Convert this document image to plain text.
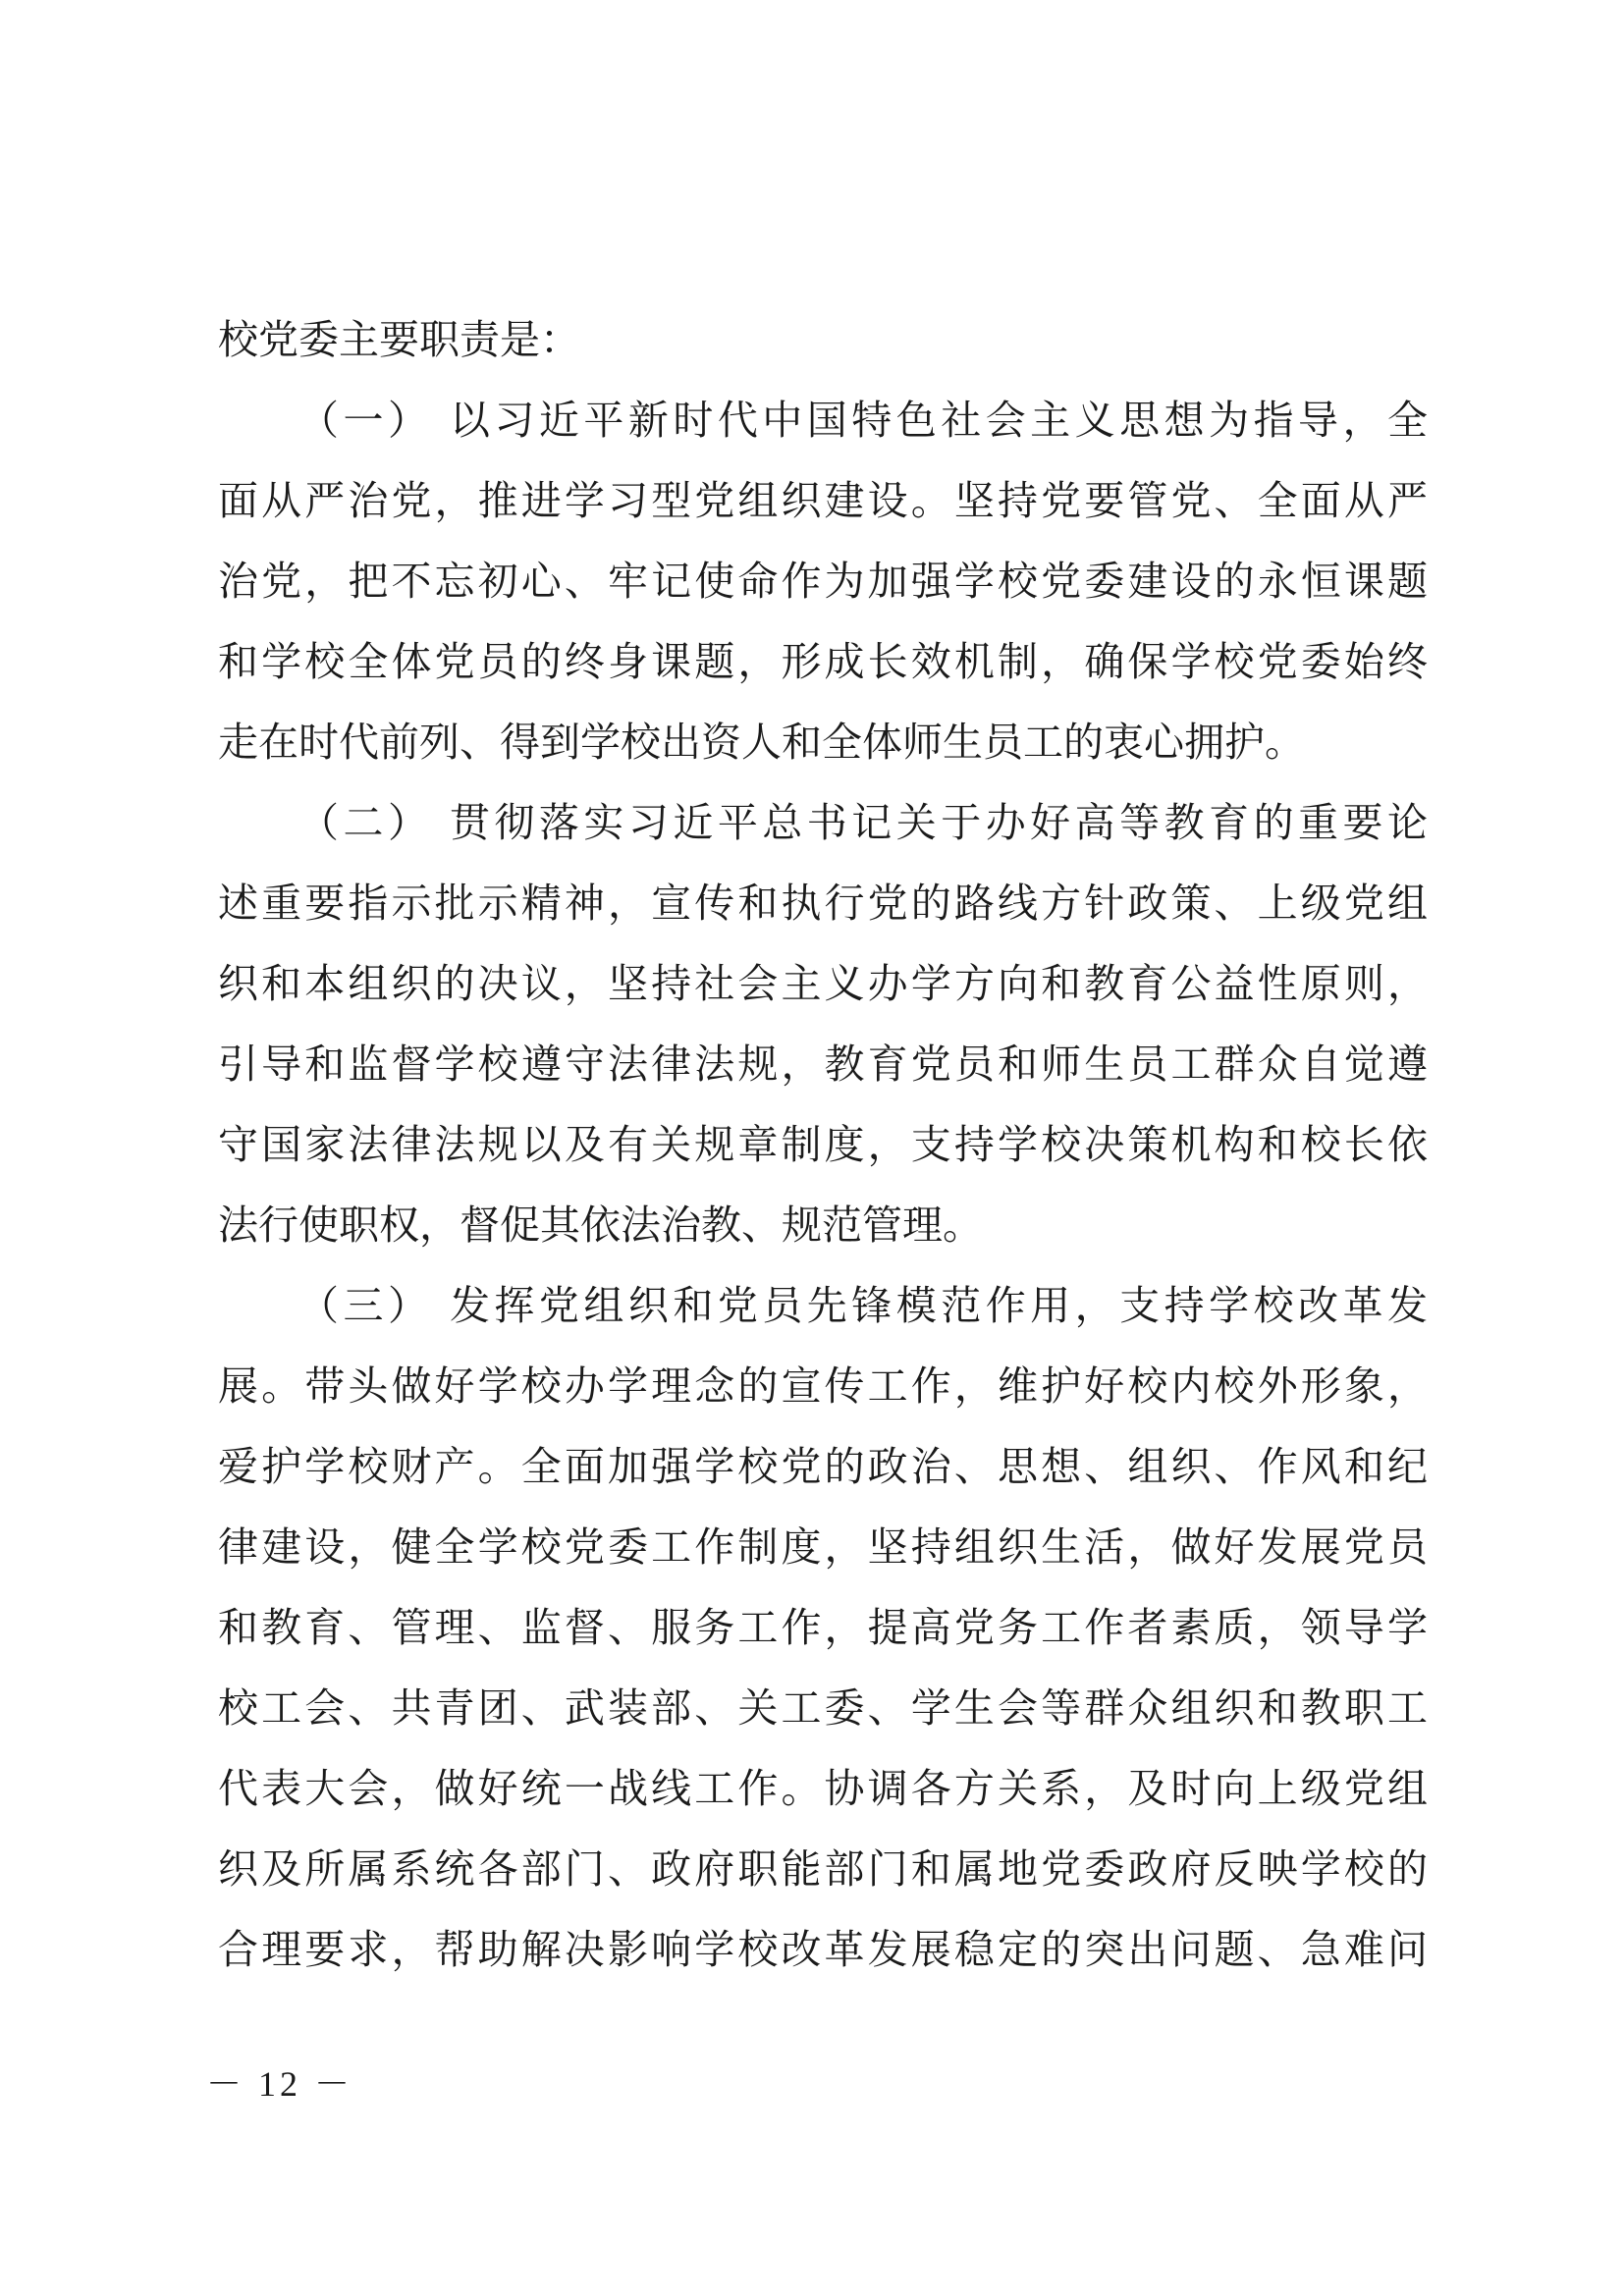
校党委主要职责是：
（一） 以习近平新时代中国特色社会主义思想为指导，全
面从严治党，推进学习型党组织建设。坚持党要管党、全面从严
治党，把不忘初心、牢记使命作为加强学校党委建设的永恒课题
和学校全体党员的终身课题，形成长效机制，确保学校党委始终
走在时代前列、得到学校出资人和全体师生员工的衷心拥护。
（二） 贯彻落实习近平总书记关于办好高等教育的重要论
述重要指示批示精神，宣传和执行党的路线方针政策、上级党组
织和本组织的决议，坚持社会主义办学方向和教育公益性原则，
引导和监督学校遵守法律法规，教育党员和师生员工群众自觉遵
守国家法律法规以及有关规章制度，支持学校决策机构和校长依
法行使职权，督促其依法治教、规范管理。
（三） 发挥党组织和党员先锋模范作用，支持学校改革发
展。带头做好学校办学理念的宣传工作，维护好校内校外形象，
爱护学校财产。全面加强学校党的政治、思想、组织、作风和纪
律建设，健全学校党委工作制度，坚持组织生活，做好发展党员
和教育、管理、监督、服务工作，提高党务工作者素质，领导学
校工会、共青团、武装部、关工委、学生会等群众组织和教职工
代表大会，做好统一战线工作。协调各方关系，及时向上级党组
织及所属系统各部门、政府职能部门和属地党委政府反映学校的
合理要求，帮助解决影响学校改革发展稳定的突出问题、急难问
－ 12 －
